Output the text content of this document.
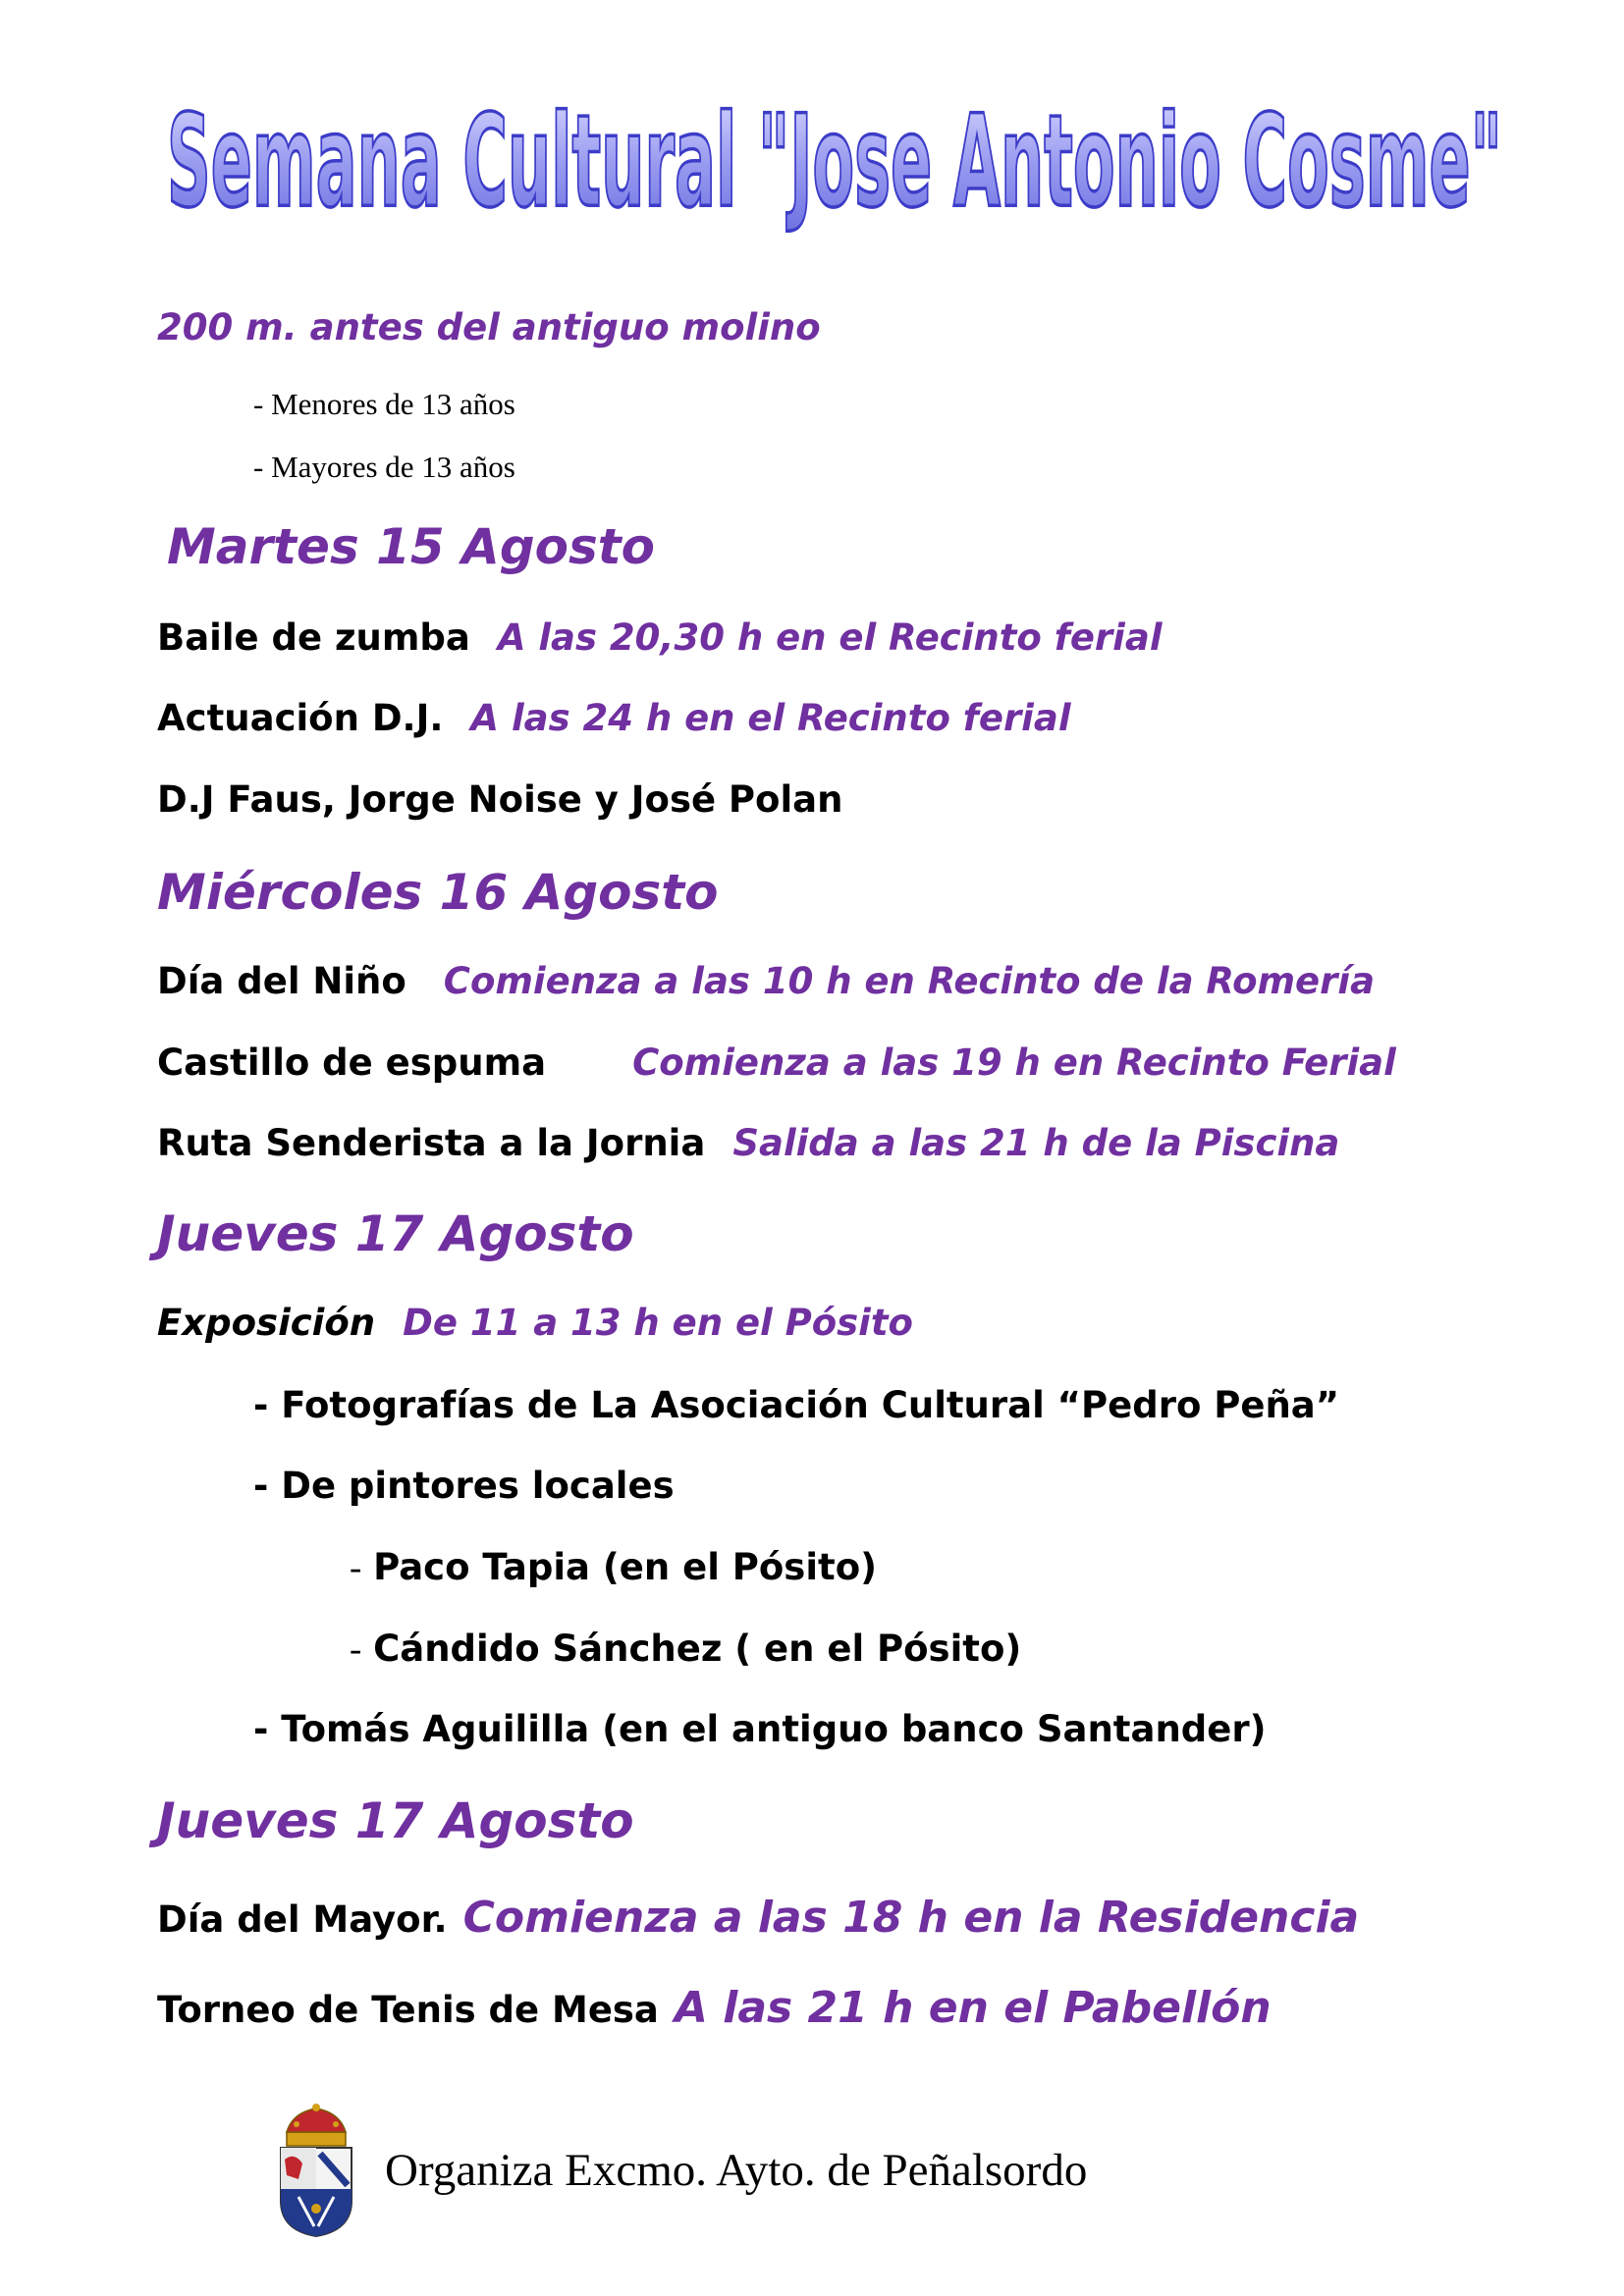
Semana Cultural "Jose Antonio Cosme"
200 m. antes del antiguo molino
- Menores de 13 años
- Mayores de 13 años
Martes 15 Agosto
Baile de zumba A las 20,30 h en el Recinto ferial
Actuación D.J. A las 24 h en el Recinto ferial
D.J Faus, Jorge Noise y José Polan
Miércoles 16 Agosto
Día del Niño Comienza a las 10 h en Recinto de la Romería
Castillo de espuma Comienza a las 19 h en Recinto Ferial
Ruta Senderista a la Jornia Salida a las 21 h de la Piscina
Jueves 17 Agosto
Exposición De 11 a 13 h en el Pósito
- Fotografías de La Asociación Cultural “Pedro Peña”
- De pintores locales
- Paco Tapia (en el Pósito)
- Cándido Sánchez ( en el Pósito)
- Tomás Aguililla (en el antiguo banco Santander)
Jueves 17 Agosto
Día del Mayor. Comienza a las 18 h en la Residencia
Torneo de Tenis de Mesa A las 21 h en el Pabellón
Organiza Excmo. Ayto. de Peñalsordo
